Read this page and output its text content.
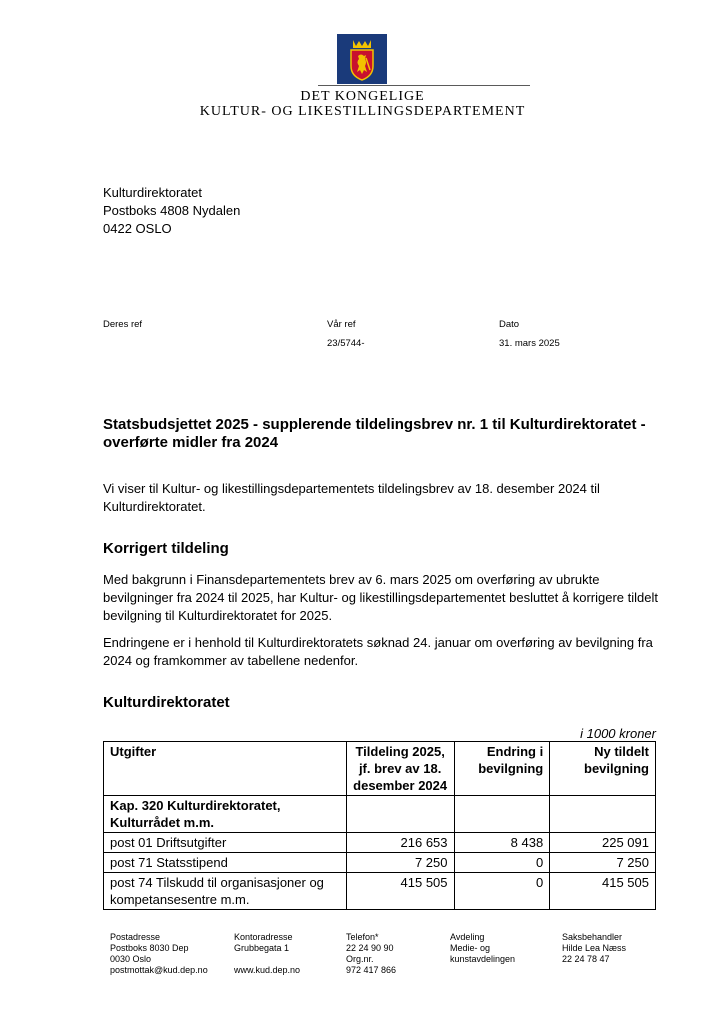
DET KONGELIGE
KULTUR- OG LIKESTILLINGSDEPARTEMENT
Kulturdirektoratet
Postboks 4808 Nydalen
0422 OSLO
Deres ref	Vår ref
23/5744-
Dato
31. mars 2025
Statsbudsjettet 2025 - supplerende tildelingsbrev nr. 1 til Kulturdirektoratet - overførte midler fra 2024
Vi viser til Kultur- og likestillingsdepartementets tildelingsbrev av 18. desember 2024 til Kulturdirektoratet.
Korrigert tildeling
Med bakgrunn i Finansdepartementets brev av 6. mars 2025 om overføring av ubrukte bevilgninger fra 2024 til 2025, har Kultur- og likestillingsdepartementet besluttet å korrigere tildelt bevilgning til Kulturdirektoratet for 2025.
Endringene er i henhold til Kulturdirektoratets søknad 24. januar om overføring av bevilgning fra 2024 og framkommer av tabellene nedenfor.
Kulturdirektoratet
i 1000 kroner
Utgifter	Tildeling 2025, jf. brev av 18. desember 2024	Endring i bevilgning	Ny tildelt bevilgning
Kap. 320 Kulturdirektoratet, Kulturrådet m.m.			
post 01 Driftsutgifter	216 653	8 438	225 091
post 71 Statsstipend	7 250	0	7 250
post 74 Tilskudd til organisasjoner og kompetansesentre m.m.	415 505	0	415 505
Postadresse
Postboks 8030 Dep
0030 Oslo
postmottak@kud.dep.no
Kontoradresse
Grubbegata 1

www.kud.dep.no
Telefon*
22 24 90 90
Org.nr.
972 417 866
Avdeling
Medie- og
kunstavdelingen
Saksbehandler
Hilde Lea Næss
22 24 78 47
